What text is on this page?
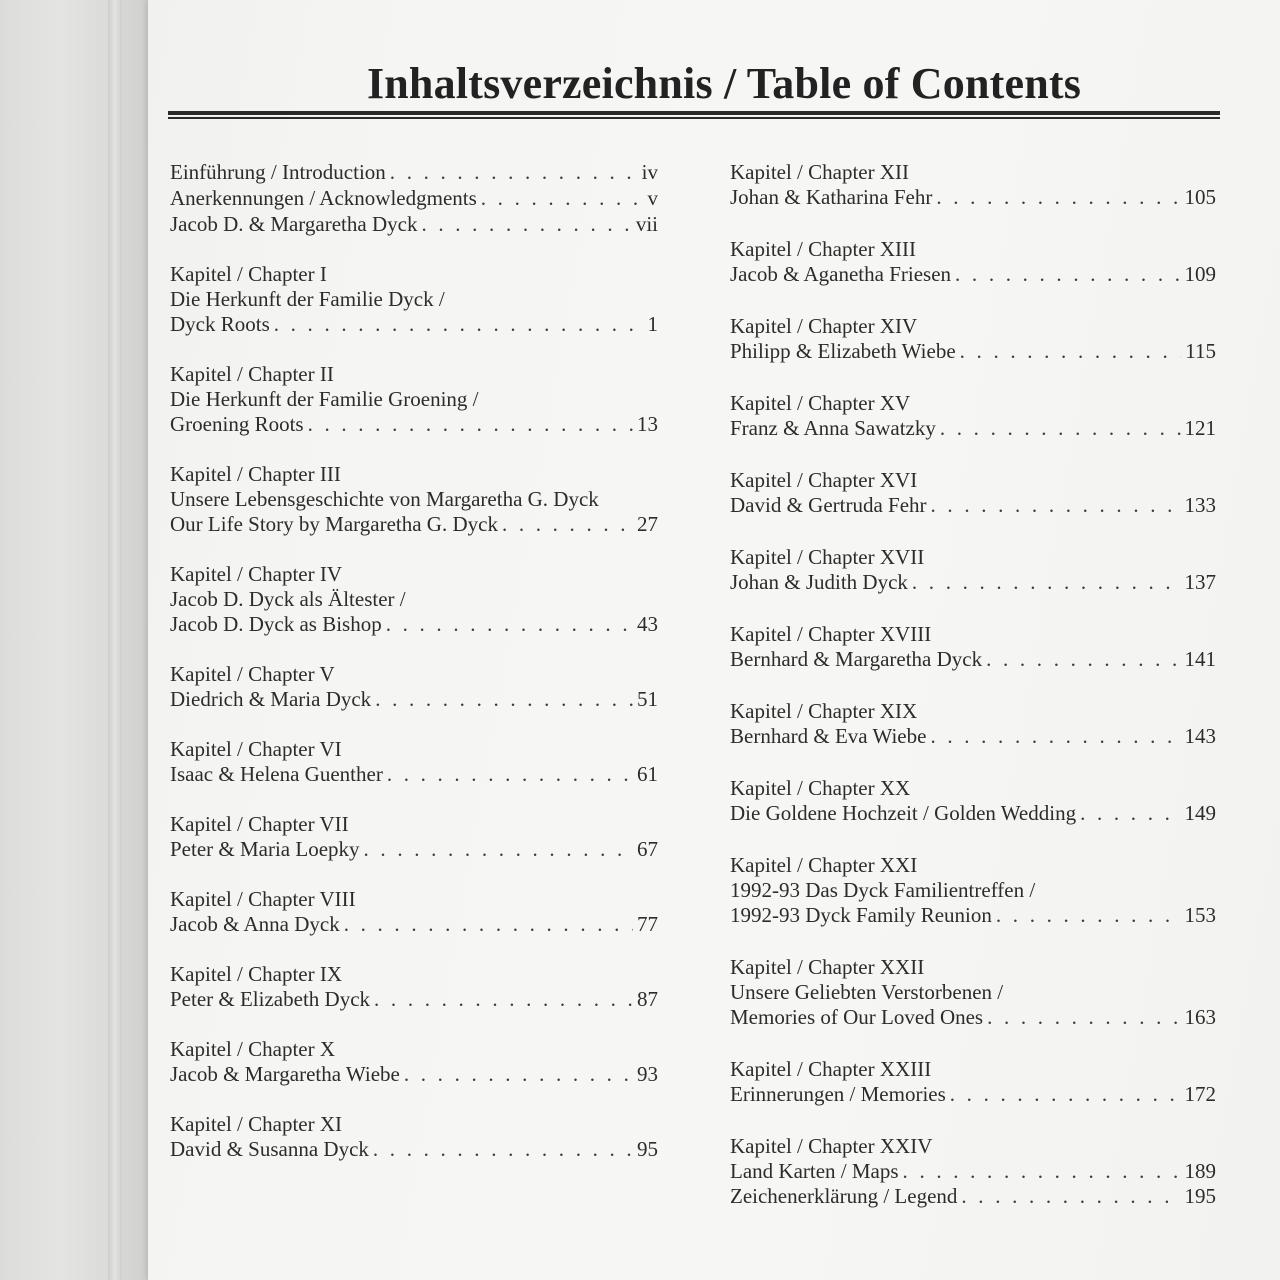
Inhaltsverzeichnis / Table of Contents
Einführung / Introduction . . .	iv
Anerkennungen / Acknowledgments . . .	v
Jacob D. & Margaretha Dyck . . .	vii
Kapitel / Chapter I
Die Herkunft der Familie Dyck /
Dyck Roots . . .	1
Kapitel / Chapter II
Die Herkunft der Familie Groening /
Groening Roots . . .	13
Kapitel / Chapter III
Unsere Lebensgeschichte von Margaretha G. Dyck
Our Life Story by Margaretha G. Dyck . . .	27
Kapitel / Chapter IV
Jacob D. Dyck als Ältester /
Jacob D. Dyck as Bishop . . .	43
Kapitel / Chapter V
Diedrich & Maria Dyck . . .	51
Kapitel / Chapter VI
Isaac & Helena Guenther . . .	61
Kapitel / Chapter VII
Peter & Maria Loepky . . .	67
Kapitel / Chapter VIII
Jacob & Anna Dyck . . .	77
Kapitel / Chapter IX
Peter & Elizabeth Dyck . . .	87
Kapitel / Chapter X
Jacob & Margaretha Wiebe . . .	93
Kapitel / Chapter XI
David & Susanna Dyck . . .	95
Kapitel / Chapter XII
Johan & Katharina Fehr . . .	105
Kapitel / Chapter XIII
Jacob & Aganetha Friesen . . .	109
Kapitel / Chapter XIV
Philipp & Elizabeth Wiebe . . .	115
Kapitel / Chapter XV
Franz & Anna Sawatzky . . .	121
Kapitel / Chapter XVI
David & Gertruda Fehr . . .	133
Kapitel / Chapter XVII
Johan & Judith Dyck . . .	137
Kapitel / Chapter XVIII
Bernhard & Margaretha Dyck . . .	141
Kapitel / Chapter XIX
Bernhard & Eva Wiebe . . .	143
Kapitel / Chapter XX
Die Goldene Hochzeit / Golden Wedding . . .	149
Kapitel / Chapter XXI
1992-93 Das Dyck Familientreffen /
1992-93 Dyck Family Reunion . . .	153
Kapitel / Chapter XXII
Unsere Geliebten Verstorbenen /
Memories of Our Loved Ones . . .	163
Kapitel / Chapter XXIII
Erinnerungen / Memories . . .	172
Kapitel / Chapter XXIV
Land Karten / Maps . . .	189
Zeichenerklärung / Legend . . .	195
